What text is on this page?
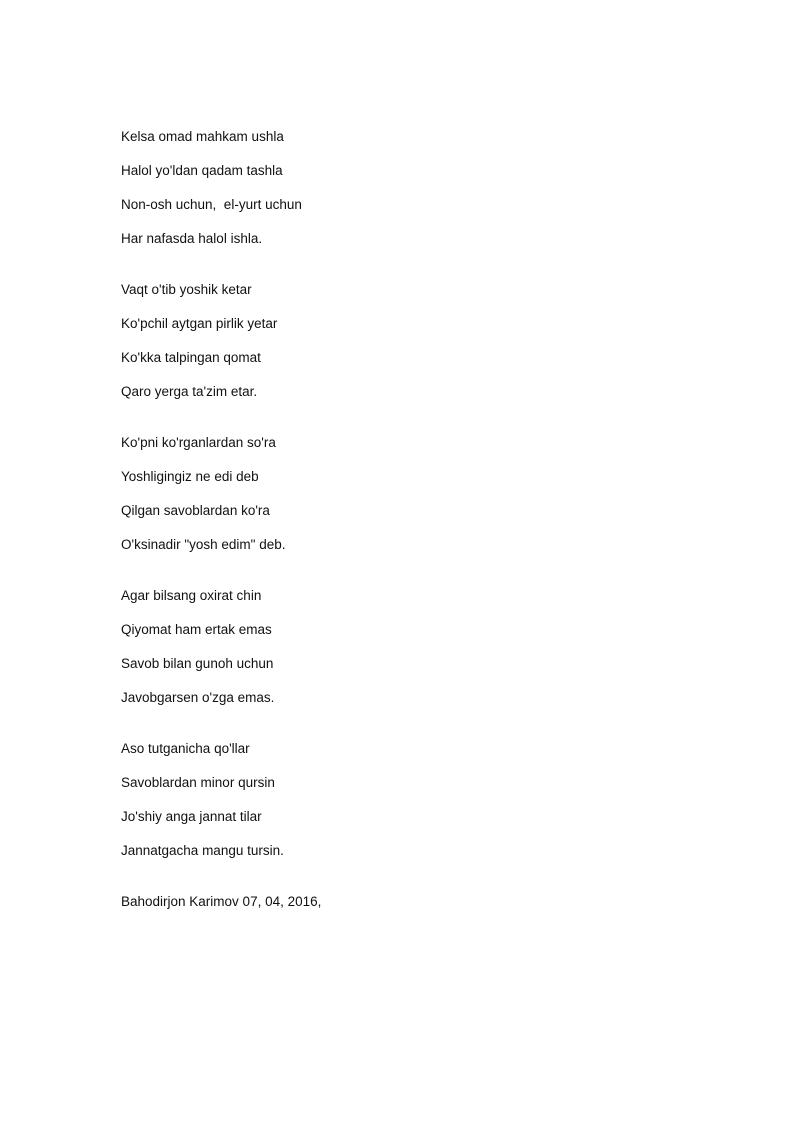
Kelsa omad mahkam ushla
Halol yo'ldan qadam tashla
Non-osh uchun,  el-yurt uchun
Har nafasda halol ishla.
Vaqt o'tib yoshik ketar
Ko'pchil aytgan pirlik yetar
Ko'kka talpingan qomat
Qaro yerga ta'zim etar.
Ko'pni ko'rganlardan so'ra
Yoshligingiz ne edi deb
Qilgan savoblardan ko'ra
O'ksinadir "yosh edim" deb.
Agar bilsang oxirat chin
Qiyomat ham ertak emas
Savob bilan gunoh uchun
Javobgarsen o'zga emas.
Aso tutganicha qo'llar
Savoblardan minor qursin
Jo'shiy anga jannat tilar
Jannatgacha mangu tursin.
Bahodirjon Karimov 07, 04, 2016,
